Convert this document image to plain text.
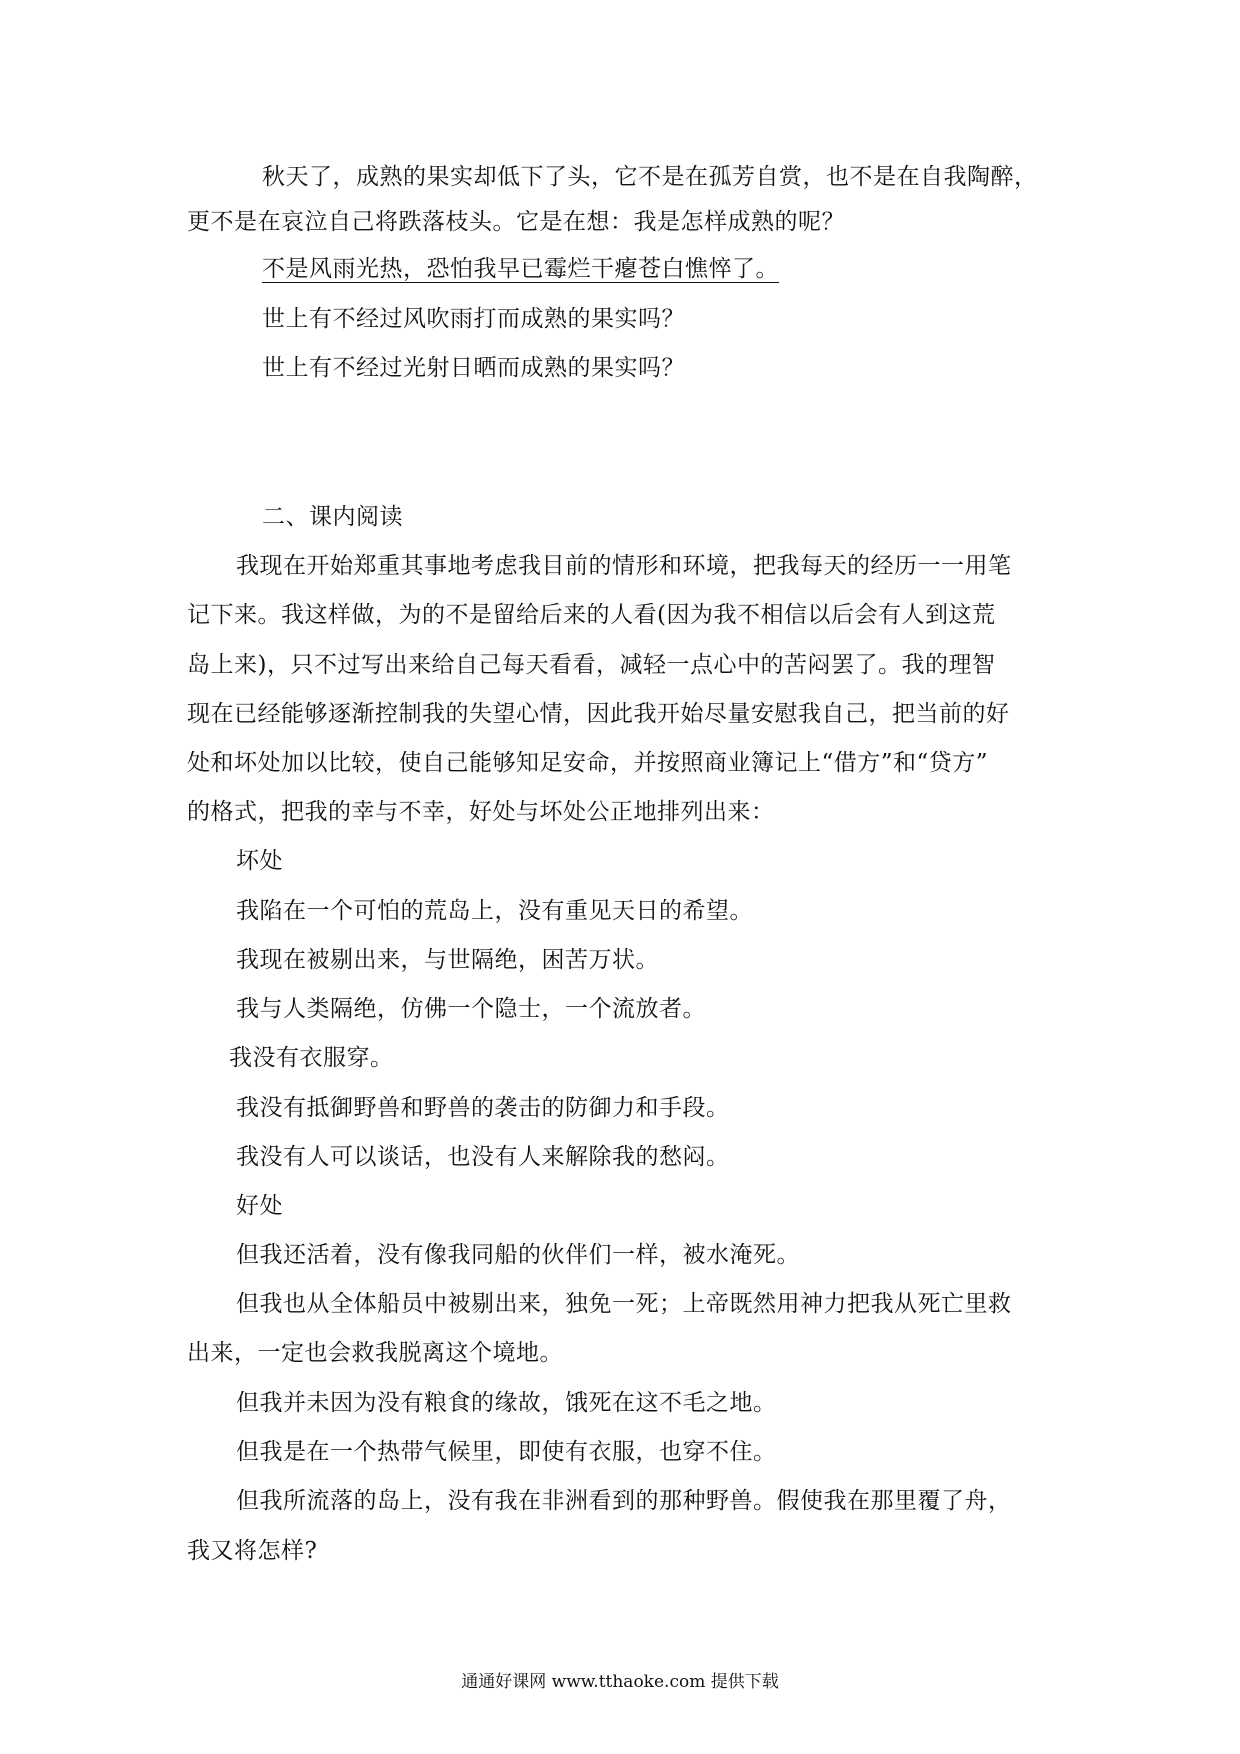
秋天了，成熟的果实却低下了头，它不是在孤芳自赏，也不是在自我陶醉，
更不是在哀泣自己将跌落枝头。它是在想：我是怎样成熟的呢？
不是风雨光热，恐怕我早已霉烂干瘪苍白憔悴了。
世上有不经过风吹雨打而成熟的果实吗？
世上有不经过光射日晒而成熟的果实吗？
二、课内阅读
我现在开始郑重其事地考虑我目前的情形和环境，把我每天的经历一一用笔
记下来。我这样做，为的不是留给后来的人看(因为我不相信以后会有人到这荒
岛上来)，只不过写出来给自己每天看看，减轻一点心中的苦闷罢了。我的理智
现在已经能够逐渐控制我的失望心情，因此我开始尽量安慰我自己，把当前的好
处和坏处加以比较，使自己能够知足安命，并按照商业簿记上“借方”和“贷方”
的格式，把我的幸与不幸，好处与坏处公正地排列出来：
坏处
我陷在一个可怕的荒岛上，没有重见天日的希望。
我现在被剔出来，与世隔绝，困苦万状。
我与人类隔绝，仿佛一个隐士，一个流放者。
我没有衣服穿。
我没有抵御野兽和野兽的袭击的防御力和手段。
我没有人可以谈话，也没有人来解除我的愁闷。
好处
但我还活着，没有像我同船的伙伴们一样，被水淹死。
但我也从全体船员中被剔出来，独免一死；上帝既然用神力把我从死亡里救
出来，一定也会救我脱离这个境地。
但我并未因为没有粮食的缘故，饿死在这不毛之地。
但我是在一个热带气候里，即使有衣服，也穿不住。
但我所流落的岛上，没有我在非洲看到的那种野兽。假使我在那里覆了舟，
我又将怎样?
通通好课网 www.tthaoke.com 提供下载
